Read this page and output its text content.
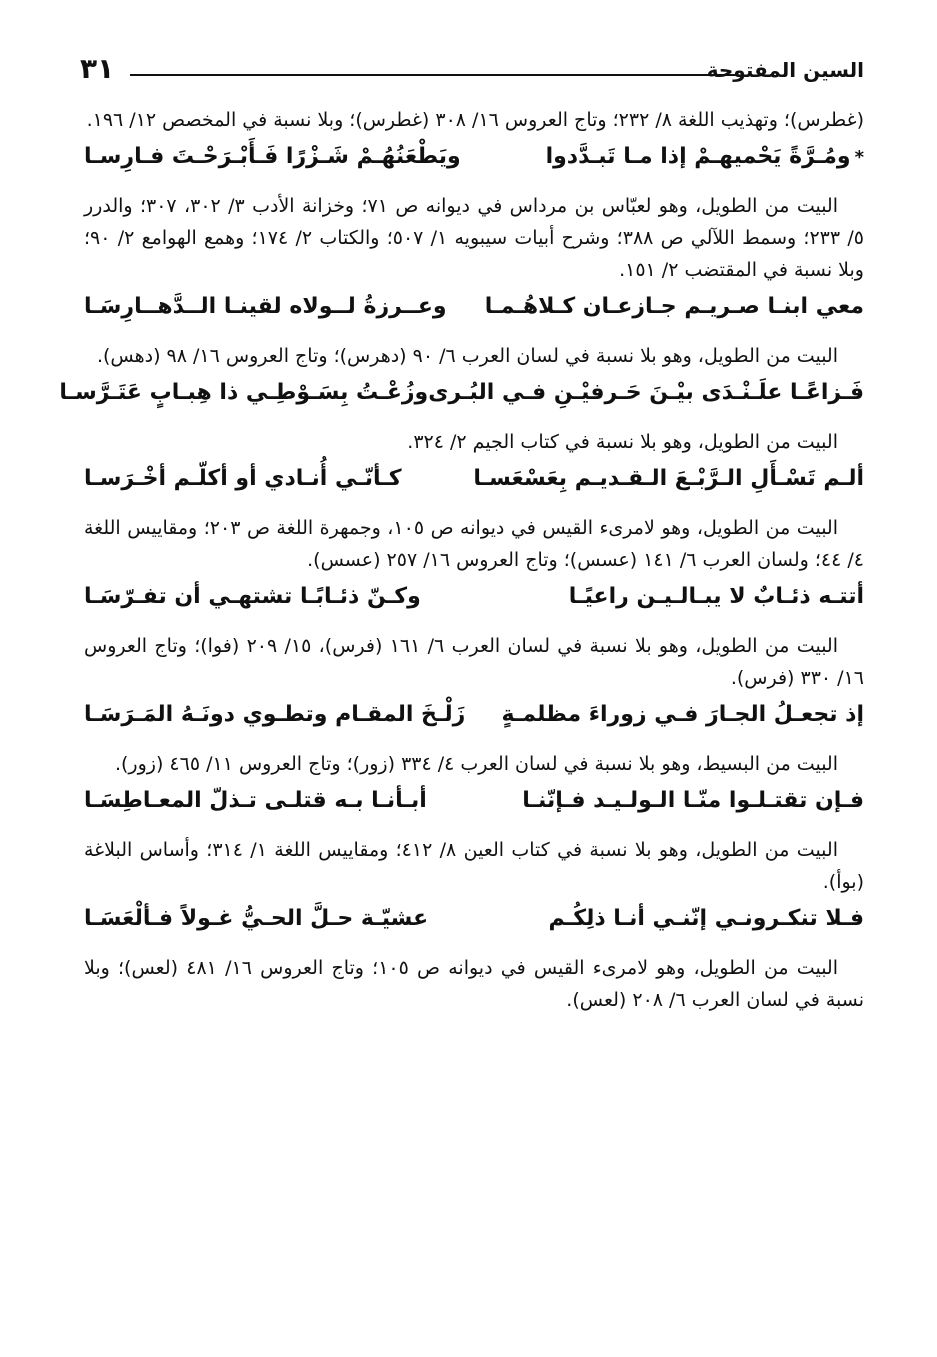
السين المفتوحة
٣١

(غطرس)؛ وتهذيب اللغة ٨/ ٢٣٢؛ وتاج العروس ١٦/ ٣٠٨ (غطرس)؛ وبلا نسبة في المخصص ١٢/ ١٩٦.

*ومُـرَّةً يَحْميهـمْ إذا مـا تَبـدَّدوا
ويَطْعَنُهُـمْ شَـزْرًا فَـأَبْـرَحْـتَ فـارِسـا

البيت من الطويل، وهو لعبّاس بن مرداس في ديوانه ص ٧١؛ وخزانة الأدب ٣/ ٣٠٢، ٣٠٧؛ والدرر ٥/ ٢٣٣؛ وسمط اللآلي ص ٣٨٨؛ وشرح أبيات سيبويه ١/ ٥٠٧؛ والكتاب ٢/ ١٧٤؛ وهمع الهوامع ٢/ ٩٠؛ وبلا نسبة في المقتضب ٢/ ١٥١.

معي ابنـا صـريـم جـازعـان كـلاهُـمـا
وعــرزةُ لــولاه لقينـا الــدَّهــارِسَـا

البيت من الطويل، وهو بلا نسبة في لسان العرب ٦/ ٩٠ (دهرس)؛ وتاج العروس ١٦/ ٩٨ (دهس).

فَـزاعًـا علَـنْـدَى بيْـنَ حَـرفيْـنِ فـي البُـرى
وزُعْـتُ بِسَـوْطِـي ذا هِبـابٍ عَتَـرَّسـا

البيت من الطويل، وهو بلا نسبة في كتاب الجيم ٢/ ٣٢٤.

ألـم تَسْـأَلِ الـرَّبْـعَ الـقـديـم بِعَسْعَسـا
كـأنّـي أُنـادي أو أكلّـم أخْـرَسـا

البيت من الطويل، وهو لامرىء القيس في ديوانه ص ١٠٥، وجمهرة اللغة ص ٢٠٣؛ ومقاييس اللغة ٤/ ٤٤؛ ولسان العرب ٦/ ١٤١ (عسس)؛ وتاج العروس ١٦/ ٢٥٧ (عسس).

أتتـه ذئـابٌ لا يبـالـيـن راعيًـا
وكـنّ ذئـابًـا تشتهـي أن تفـرّسَـا

البيت من الطويل، وهو بلا نسبة في لسان العرب ٦/ ١٦١ (فرس)، ١٥/ ٢٠٩ (فوا)؛ وتاج العروس ١٦/ ٣٣٠ (فرس).

إذ تجعـلُ الجـارَ فـي زوراءَ مظلمـةٍ
زَلْـخَ المقـام وتطـوي دونَـهُ المَـرَسَـا

البيت من البسيط، وهو بلا نسبة في لسان العرب ٤/ ٣٣٤ (زور)؛ وتاج العروس ١١/ ٤٦٥ (زور).

فـإن تقتـلـوا منّـا الـولـيـد فـإنّنـا
أبـأنـا بـه قتلـى تـذلّ المعـاطِسَـا

البيت من الطويل، وهو بلا نسبة في كتاب العين ٨/ ٤١٢؛ ومقاييس اللغة ١/ ٣١٤؛ وأساس البلاغة (بوأ).

فـلا تنكـرونـي إنّنـي أنـا ذلِكُـم
عشيّـة حـلَّ الحـيُّ غـولاً فـألْعَسَـا

البيت من الطويل، وهو لامرىء القيس في ديوانه ص ١٠٥؛ وتاج العروس ١٦/ ٤٨١ (لعس)؛ وبلا نسبة في لسان العرب ٦/ ٢٠٨ (لعس).
